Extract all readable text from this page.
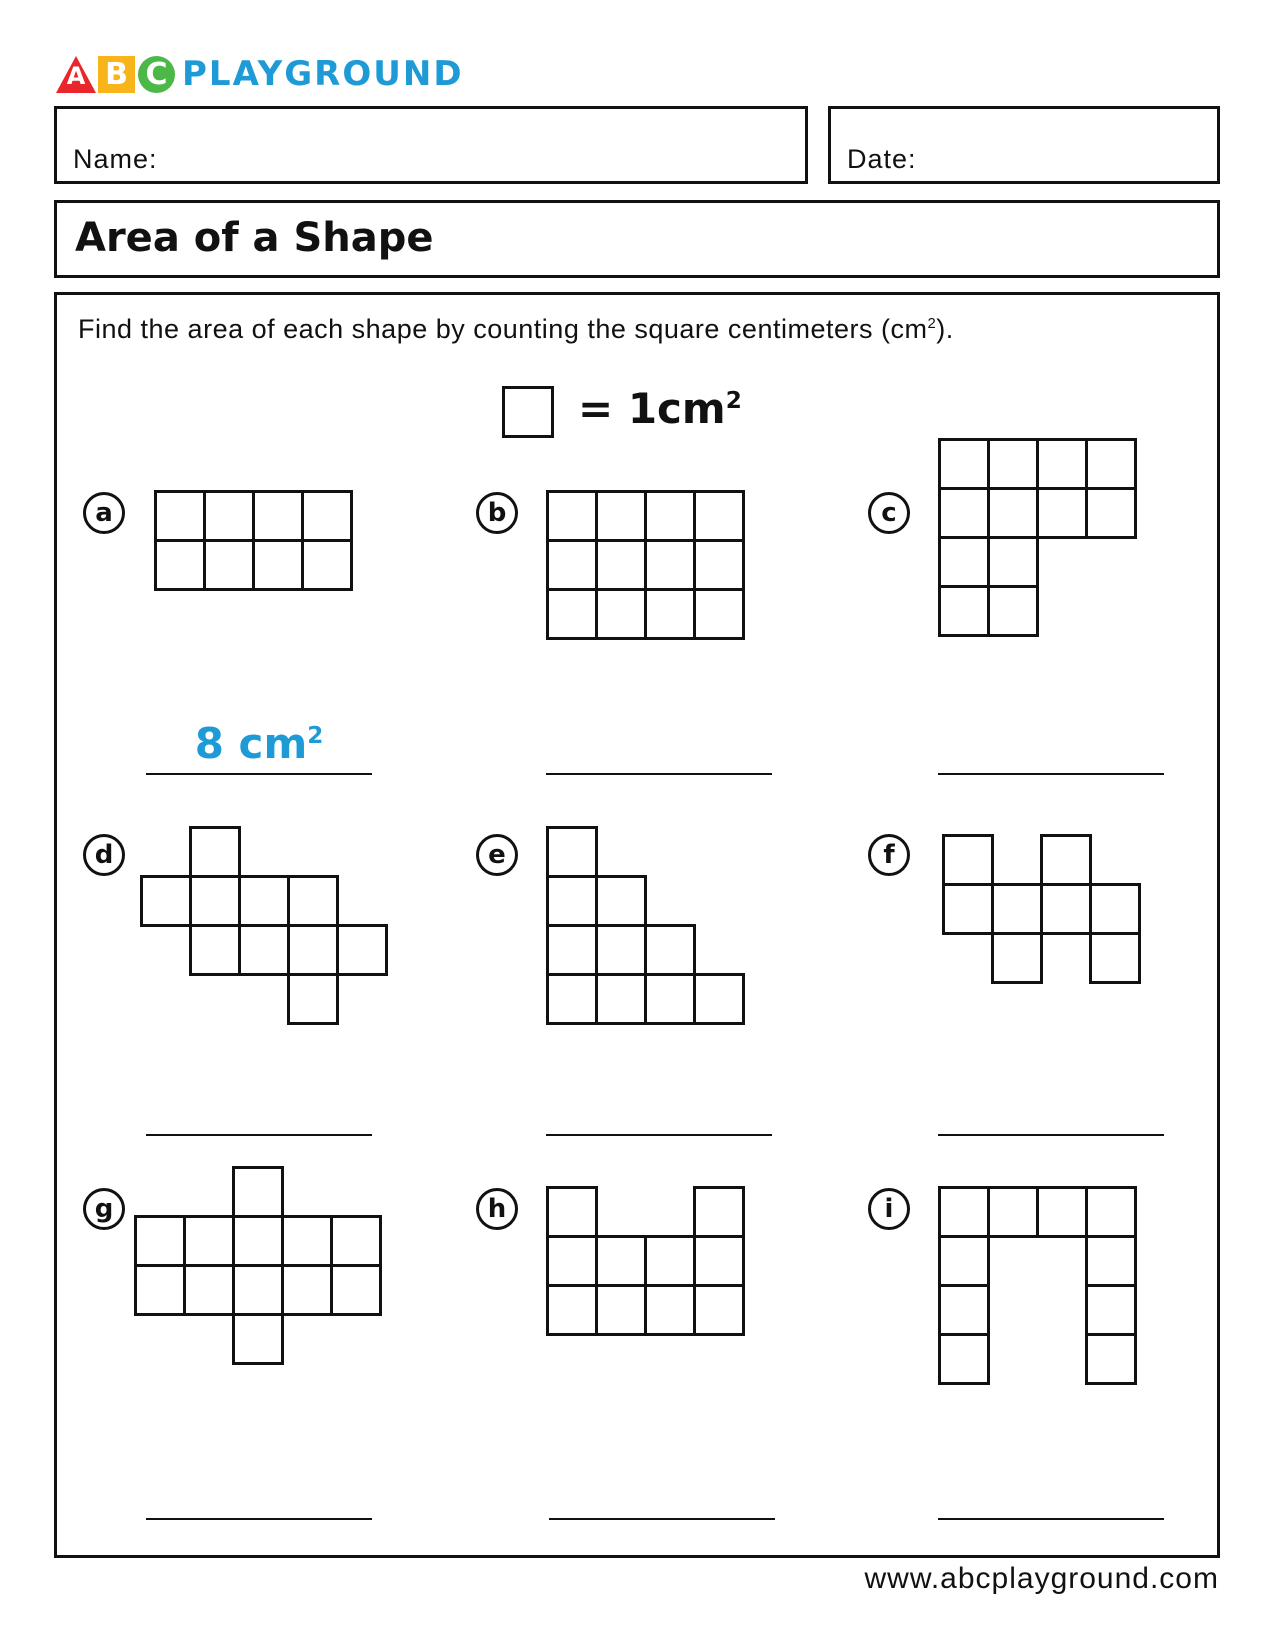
A B C PLAYGROUND
Name:	Date:
Area of a Shape
Find the area of each shape by counting the square centimeters $(cm^2)$.
= $1cm^2$
a
8 $cm^2$
b	c
d	e	f
g	h	i
www.abcplayground.com
